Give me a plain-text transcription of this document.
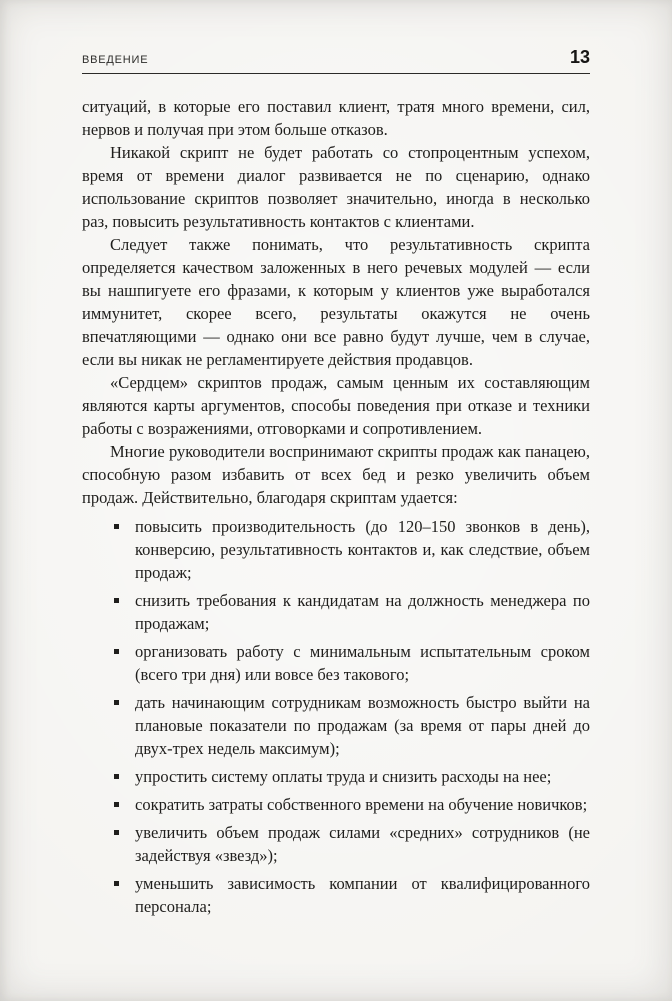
ВВЕДЕНИЕ	13

ситуаций, в которые его поставил клиент, тратя много времени, сил, нервов и получая при этом больше отказов.

Никакой скрипт не будет работать со стопроцентным успехом, время от времени диалог развивается не по сценарию, однако использование скриптов позволяет значительно, иногда в несколько раз, повысить результативность контактов с клиентами.

Следует также понимать, что результативность скрипта определяется качеством заложенных в него речевых модулей — если вы нашпигуете его фразами, к которым у клиентов уже выработался иммунитет, скорее всего, результаты окажутся не очень впечатляющими — однако они все равно будут лучше, чем в случае, если вы никак не регламентируете действия продавцов.

«Сердцем» скриптов продаж, самым ценным их составляющим являются карты аргументов, способы поведения при отказе и техники работы с возражениями, отговорками и сопротивлением.

Многие руководители воспринимают скрипты продаж как панацею, способную разом избавить от всех бед и резко увеличить объем продаж. Действительно, благодаря скриптам удается:

повысить производительность (до 120–150 звонков в день), конверсию, результативность контактов и, как следствие, объем продаж;
снизить требования к кандидатам на должность менеджера по продажам;
организовать работу с минимальным испытательным сроком (всего три дня) или вовсе без такового;
дать начинающим сотрудникам возможность быстро выйти на плановые показатели по продажам (за время от пары дней до двух-трех недель максимум);
упростить систему оплаты труда и снизить расходы на нее;
сократить затраты собственного времени на обучение новичков;
увеличить объем продаж силами «средних» сотрудников (не задействуя «звезд»);
уменьшить зависимость компании от квалифицированного персонала;
